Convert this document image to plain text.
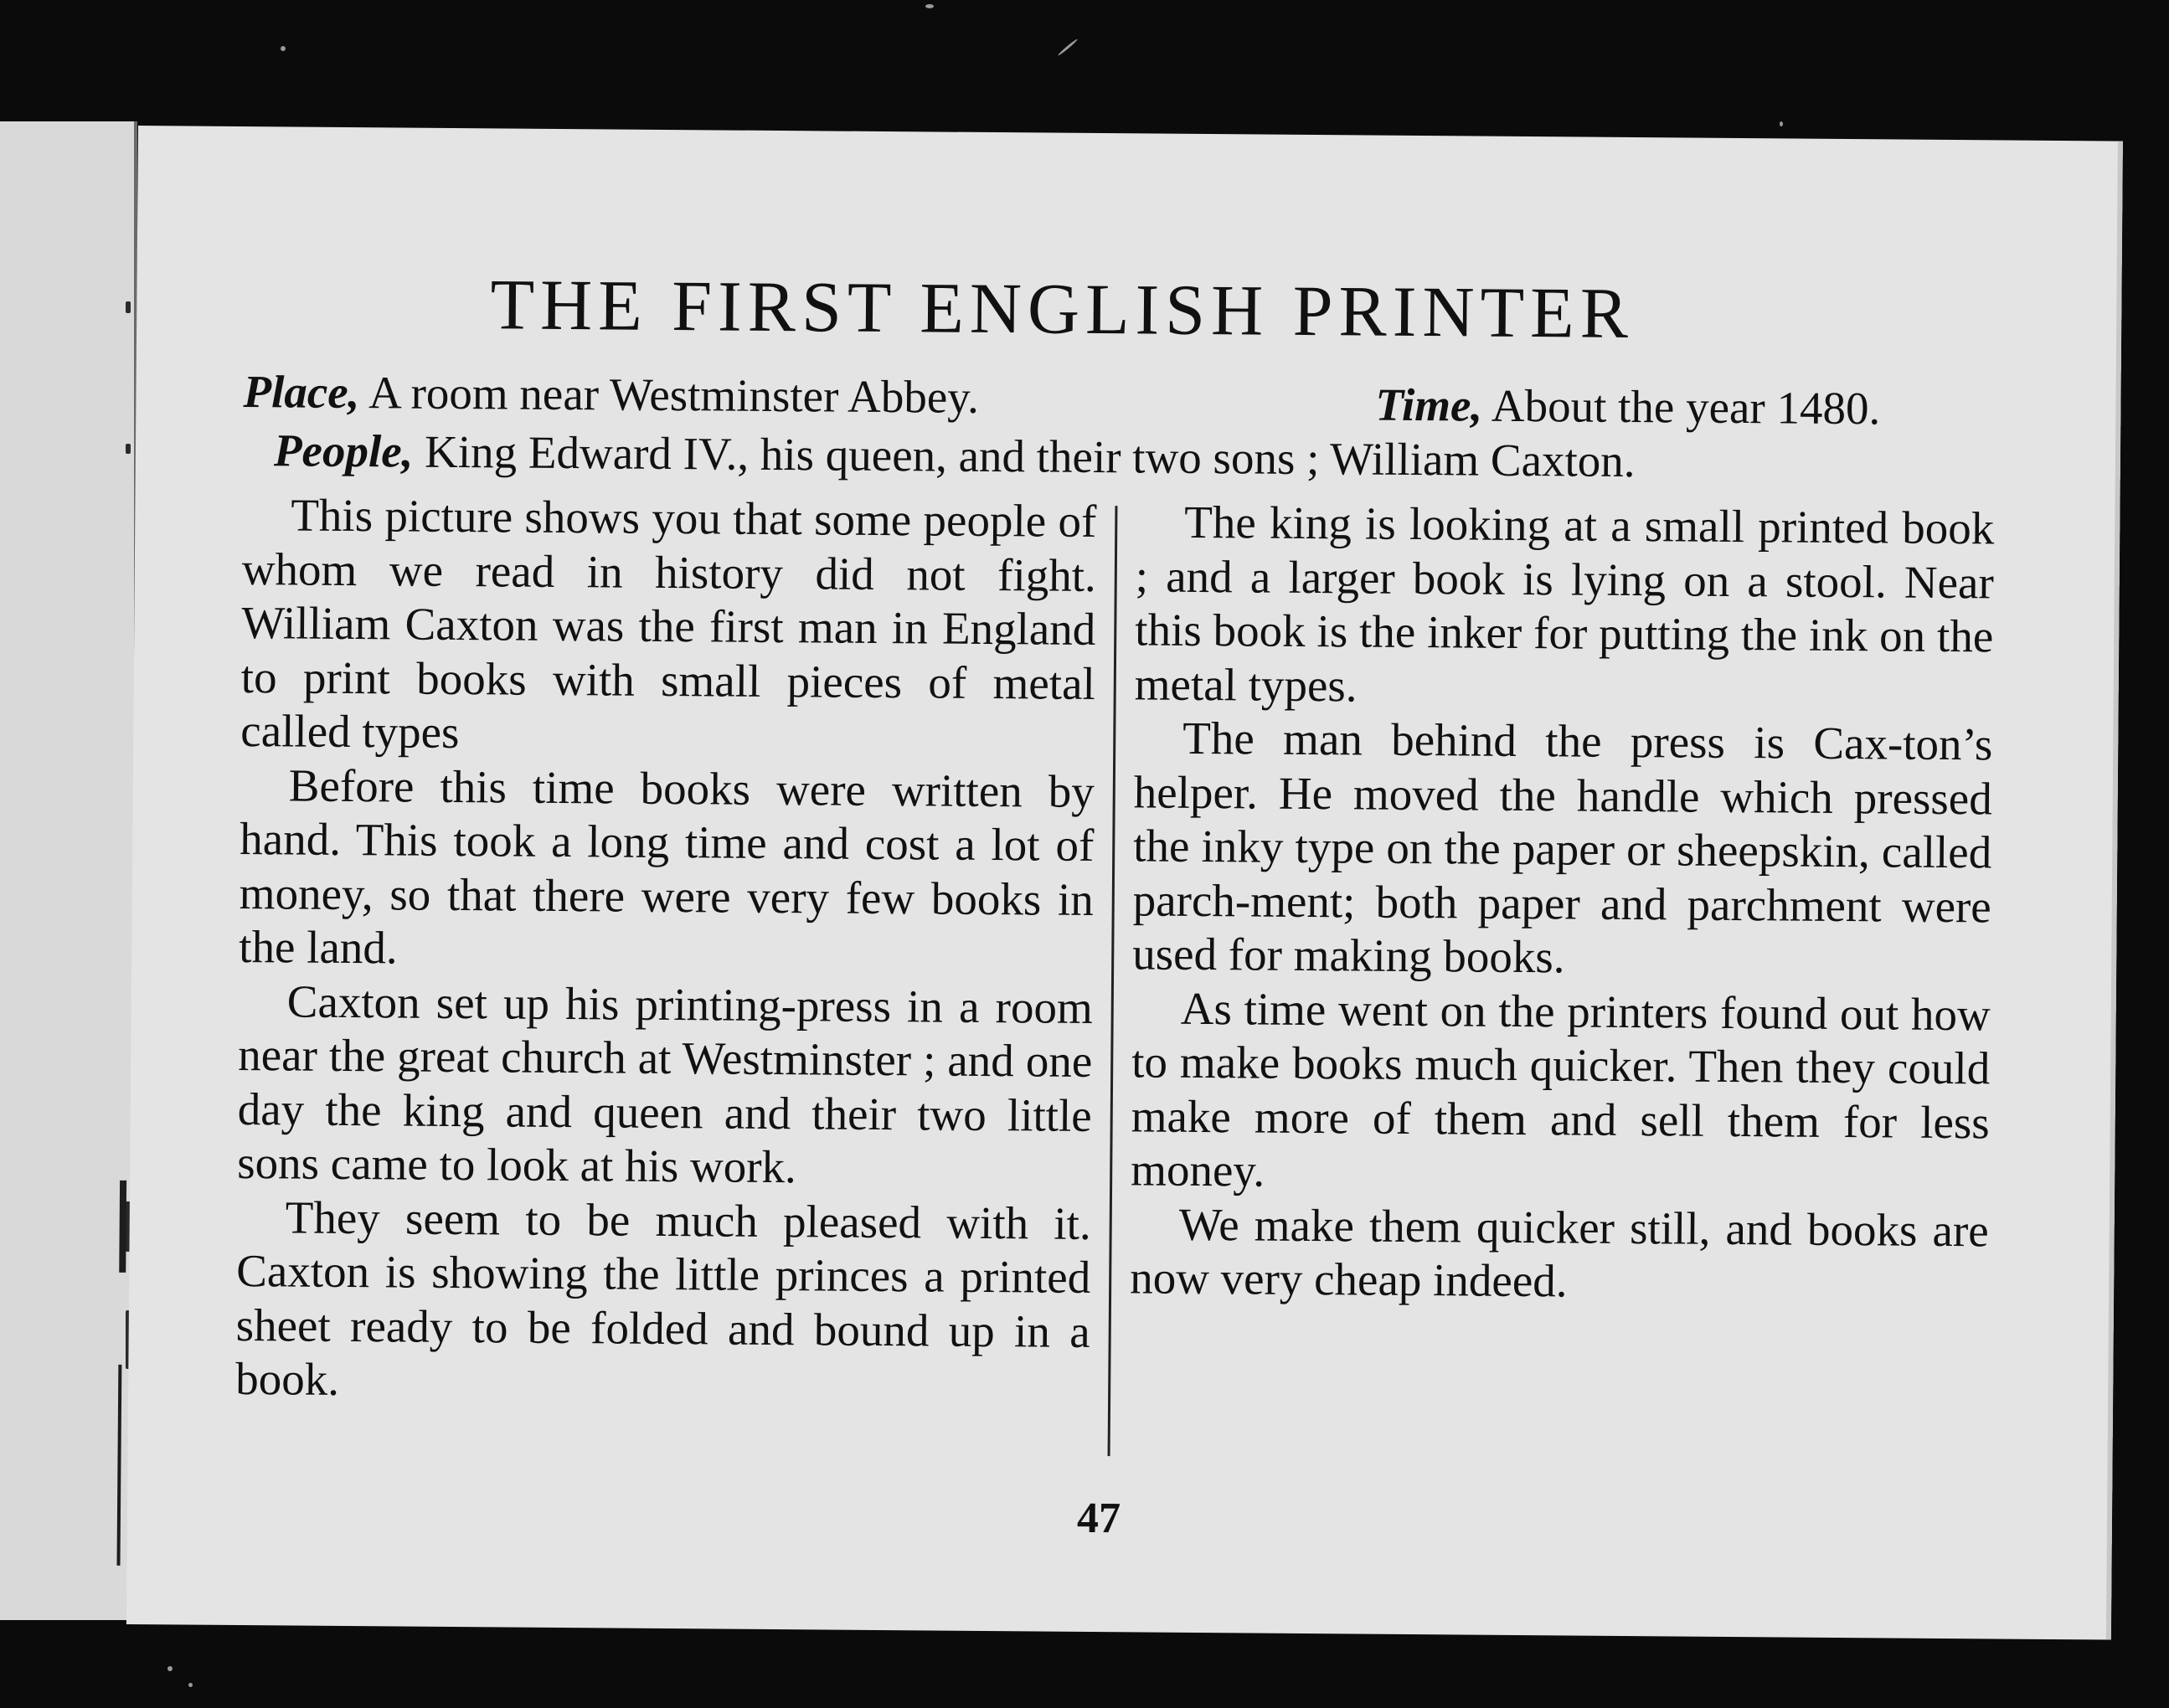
THE FIRST ENGLISH PRINTER
Place, A room near Westminster Abbey.	Time, About the year 1480.
People, King Edward IV., his queen, and their two sons ; William Caxton.

This picture shows you that some people of whom we read in history did not fight. William Caxton was the first man in England to print books with small pieces of metal called types

Before this time books were written by hand. This took a long time and cost a lot of money, so that there were very few books in the land.

Caxton set up his printing-press in a room near the great church at Westminster ; and one day the king and queen and their two little sons came to look at his work.

They seem to be much pleased with it. Caxton is showing the little princes a printed sheet ready to be folded and bound up in a book.

The king is looking at a small printed book ; and a larger book is lying on a stool. Near this book is the inker for putting the ink on the metal types.

The man behind the press is Cax-ton’s helper. He moved the handle which pressed the inky type on the paper or sheepskin, called parch-ment; both paper and parchment were used for making books.

As time went on the printers found out how to make books much quicker. Then they could make more of them and sell them for less money.

We make them quicker still, and books are now very cheap indeed.

47
